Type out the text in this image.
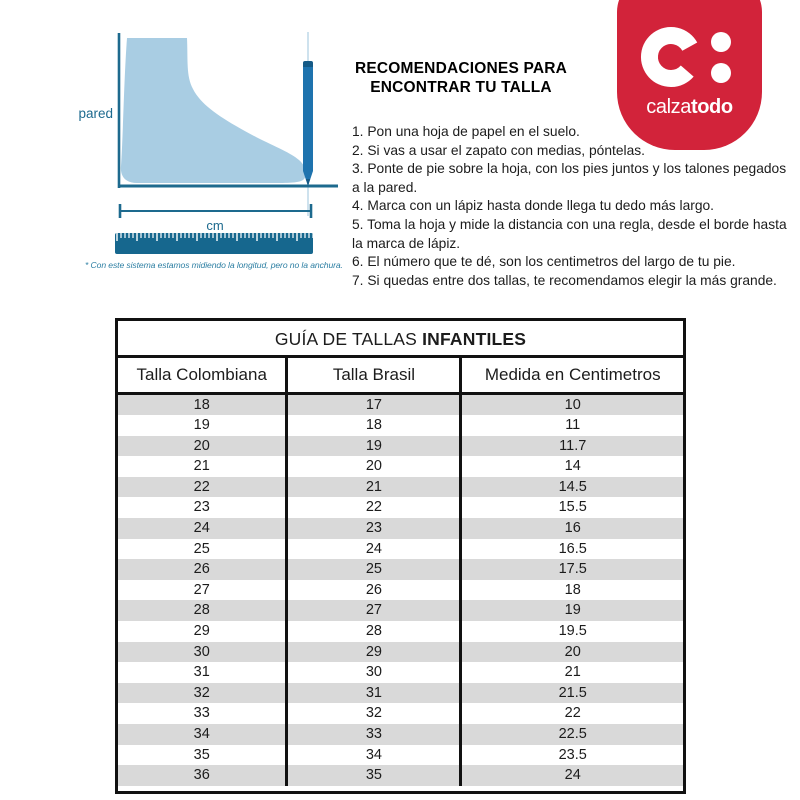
cm
pared
* Con este sistema estamos midiendo la longitud, pero no la anchura.
RECOMENDACIONES PARA ENCONTRAR TU TALLA
1. Pon una hoja de papel en el suelo.
2. Si vas a usar el zapato con medias, póntelas.
3. Ponte de pie sobre la hoja, con los pies juntos y los talones pegados a la pared.
4. Marca con un lápiz hasta donde llega tu dedo más largo.
5. Toma la hoja y mide la distancia con una regla, desde el borde hasta la marca de lápiz.
6. El número que te dé, son los centimetros del largo de tu pie.
7. Si quedas entre dos tallas, te recomendamos elegir la más grande.
calzatodo
GUÍA DE TALLAS INFANTILES
Talla Colombiana	Talla Brasil	Medida en Centimetros
18	17	10
19	18	11
20	19	11.7
21	20	14
22	21	14.5
23	22	15.5
24	23	16
25	24	16.5
26	25	17.5
27	26	18
28	27	19
29	28	19.5
30	29	20
31	30	21
32	31	21.5
33	32	22
34	33	22.5
35	34	23.5
36	35	24
